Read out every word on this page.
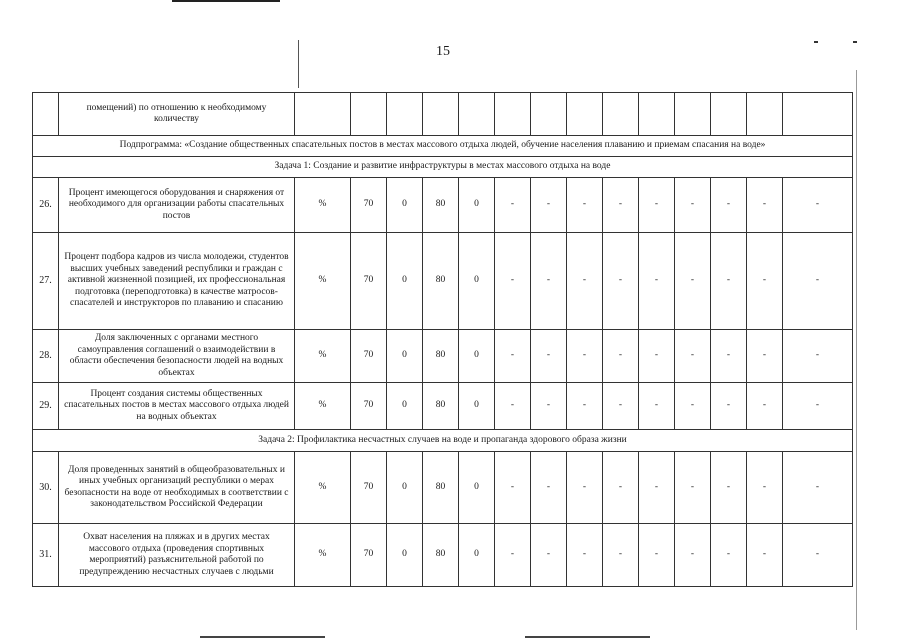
15
	помещений) по отношению к необходимому количеству														
Подпрограмма: «Создание общественных спасательных постов в местах массового отдыха людей, обучение населения плаванию и приемам спасания на воде»															
Задача 1: Создание и развитие инфраструктуры в местах массового отдыха на воде															
26.	Процент имеющегося оборудования и снаряжения от необходимого для организации работы спасательных постов	%	70	0	80	0	-	-	-	-	-	-	-	-	-
27.	Процент подбора кадров из числа молодежи, студентов высших учебных заведений республики и граждан с активной жизненной позицией, их профессиональная подготовка (переподготовка) в качестве матросов-спасателей и инструкторов по плаванию и спасанию	%	70	0	80	0	-	-	-	-	-	-	-	-	-
28.	Доля заключенных с органами местного самоуправления соглашений о взаимодействии в области обеспечения безопасности людей на водных объектах	%	70	0	80	0	-	-	-	-	-	-	-	-	-
29.	Процент создания системы общественных спасательных постов в местах массового отдыха людей на водных объектах	%	70	0	80	0	-	-	-	-	-	-	-	-	-
Задача 2: Профилактика несчастных случаев на воде и пропаганда здорового образа жизни															
30.	Доля проведенных занятий в общеобразовательных и иных учебных организаций республики о мерах безопасности на воде от необходимых в соответствии с законодательством Российской Федерации	%	70	0	80	0	-	-	-	-	-	-	-	-	-
31.	Охват населения на пляжах и в других местах массового отдыха (проведения спортивных мероприятий) разъяснительной работой по предупреждению несчастных случаев с людьми	%	70	0	80	0	-	-	-	-	-	-	-	-	-
